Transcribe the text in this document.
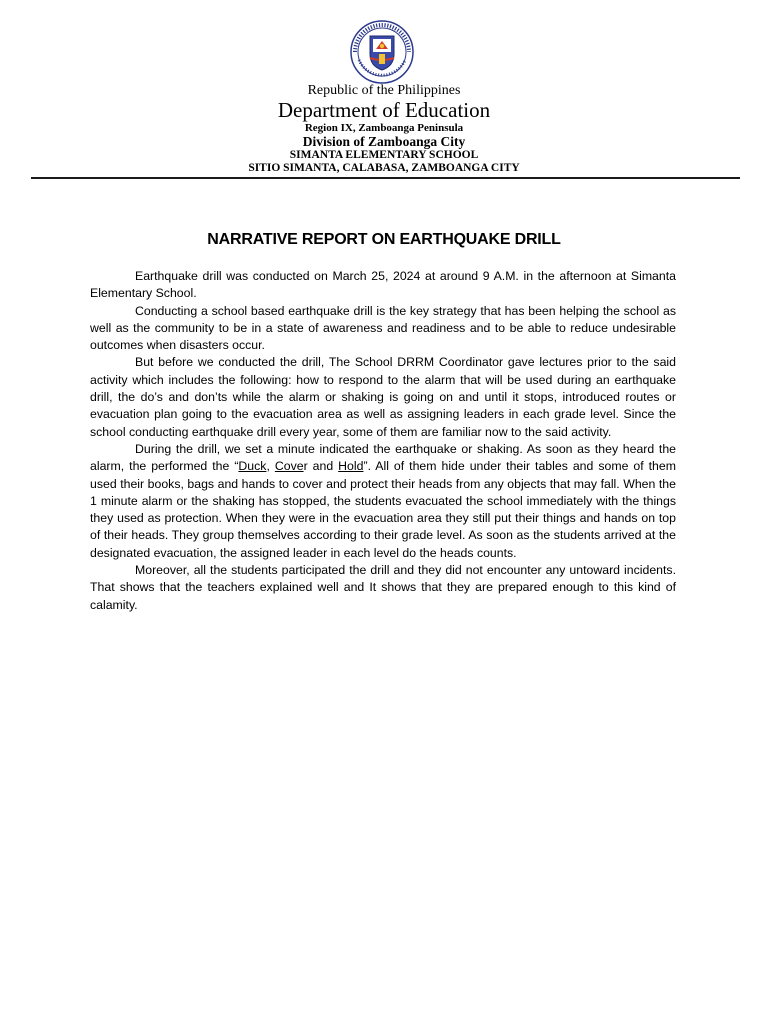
Republic of the Philippines
Department of Education
Region IX, Zamboanga Peninsula
Division of Zamboanga City
SIMANTA ELEMENTARY SCHOOL
SITIO SIMANTA, CALABASA, ZAMBOANGA CITY
NARRATIVE REPORT ON EARTHQUAKE DRILL

Earthquake drill was conducted on March 25, 2024 at around 9 A.M. in the afternoon at Simanta Elementary School.

Conducting a school based earthquake drill is the key strategy that has been helping the school as well as the community to be in a state of awareness and readiness and to be able to reduce undesirable outcomes when disasters occur.

But before we conducted the drill, The School DRRM Coordinator gave lectures prior to the said activity which includes the following: how to respond to the alarm that will be used during an earthquake drill, the do’s and don’ts while the alarm or shaking is going on and until it stops, introduced routes or evacuation plan going to the evacuation area as well as assigning leaders in each grade level. Since the school conducting earthquake drill every year, some of them are familiar now to the said activity.

During the drill, we set a minute indicated the earthquake or shaking. As soon as they heard the alarm, the performed the “Duck, Cover and Hold”. All of them hide under their tables and some of them used their books, bags and hands to cover and protect their heads from any objects that may fall. When the 1 minute alarm or the shaking has stopped, the students evacuated the school immediately with the things they used as protection. When they were in the evacuation area they still put their things and hands on top of their heads. They group themselves according to their grade level. As soon as the students arrived at the designated evacuation, the assigned leader in each level do the heads counts.

Moreover, all the students participated the drill and they did not encounter any untoward incidents. That shows that the teachers explained well and It shows that they are prepared enough to this kind of calamity.
